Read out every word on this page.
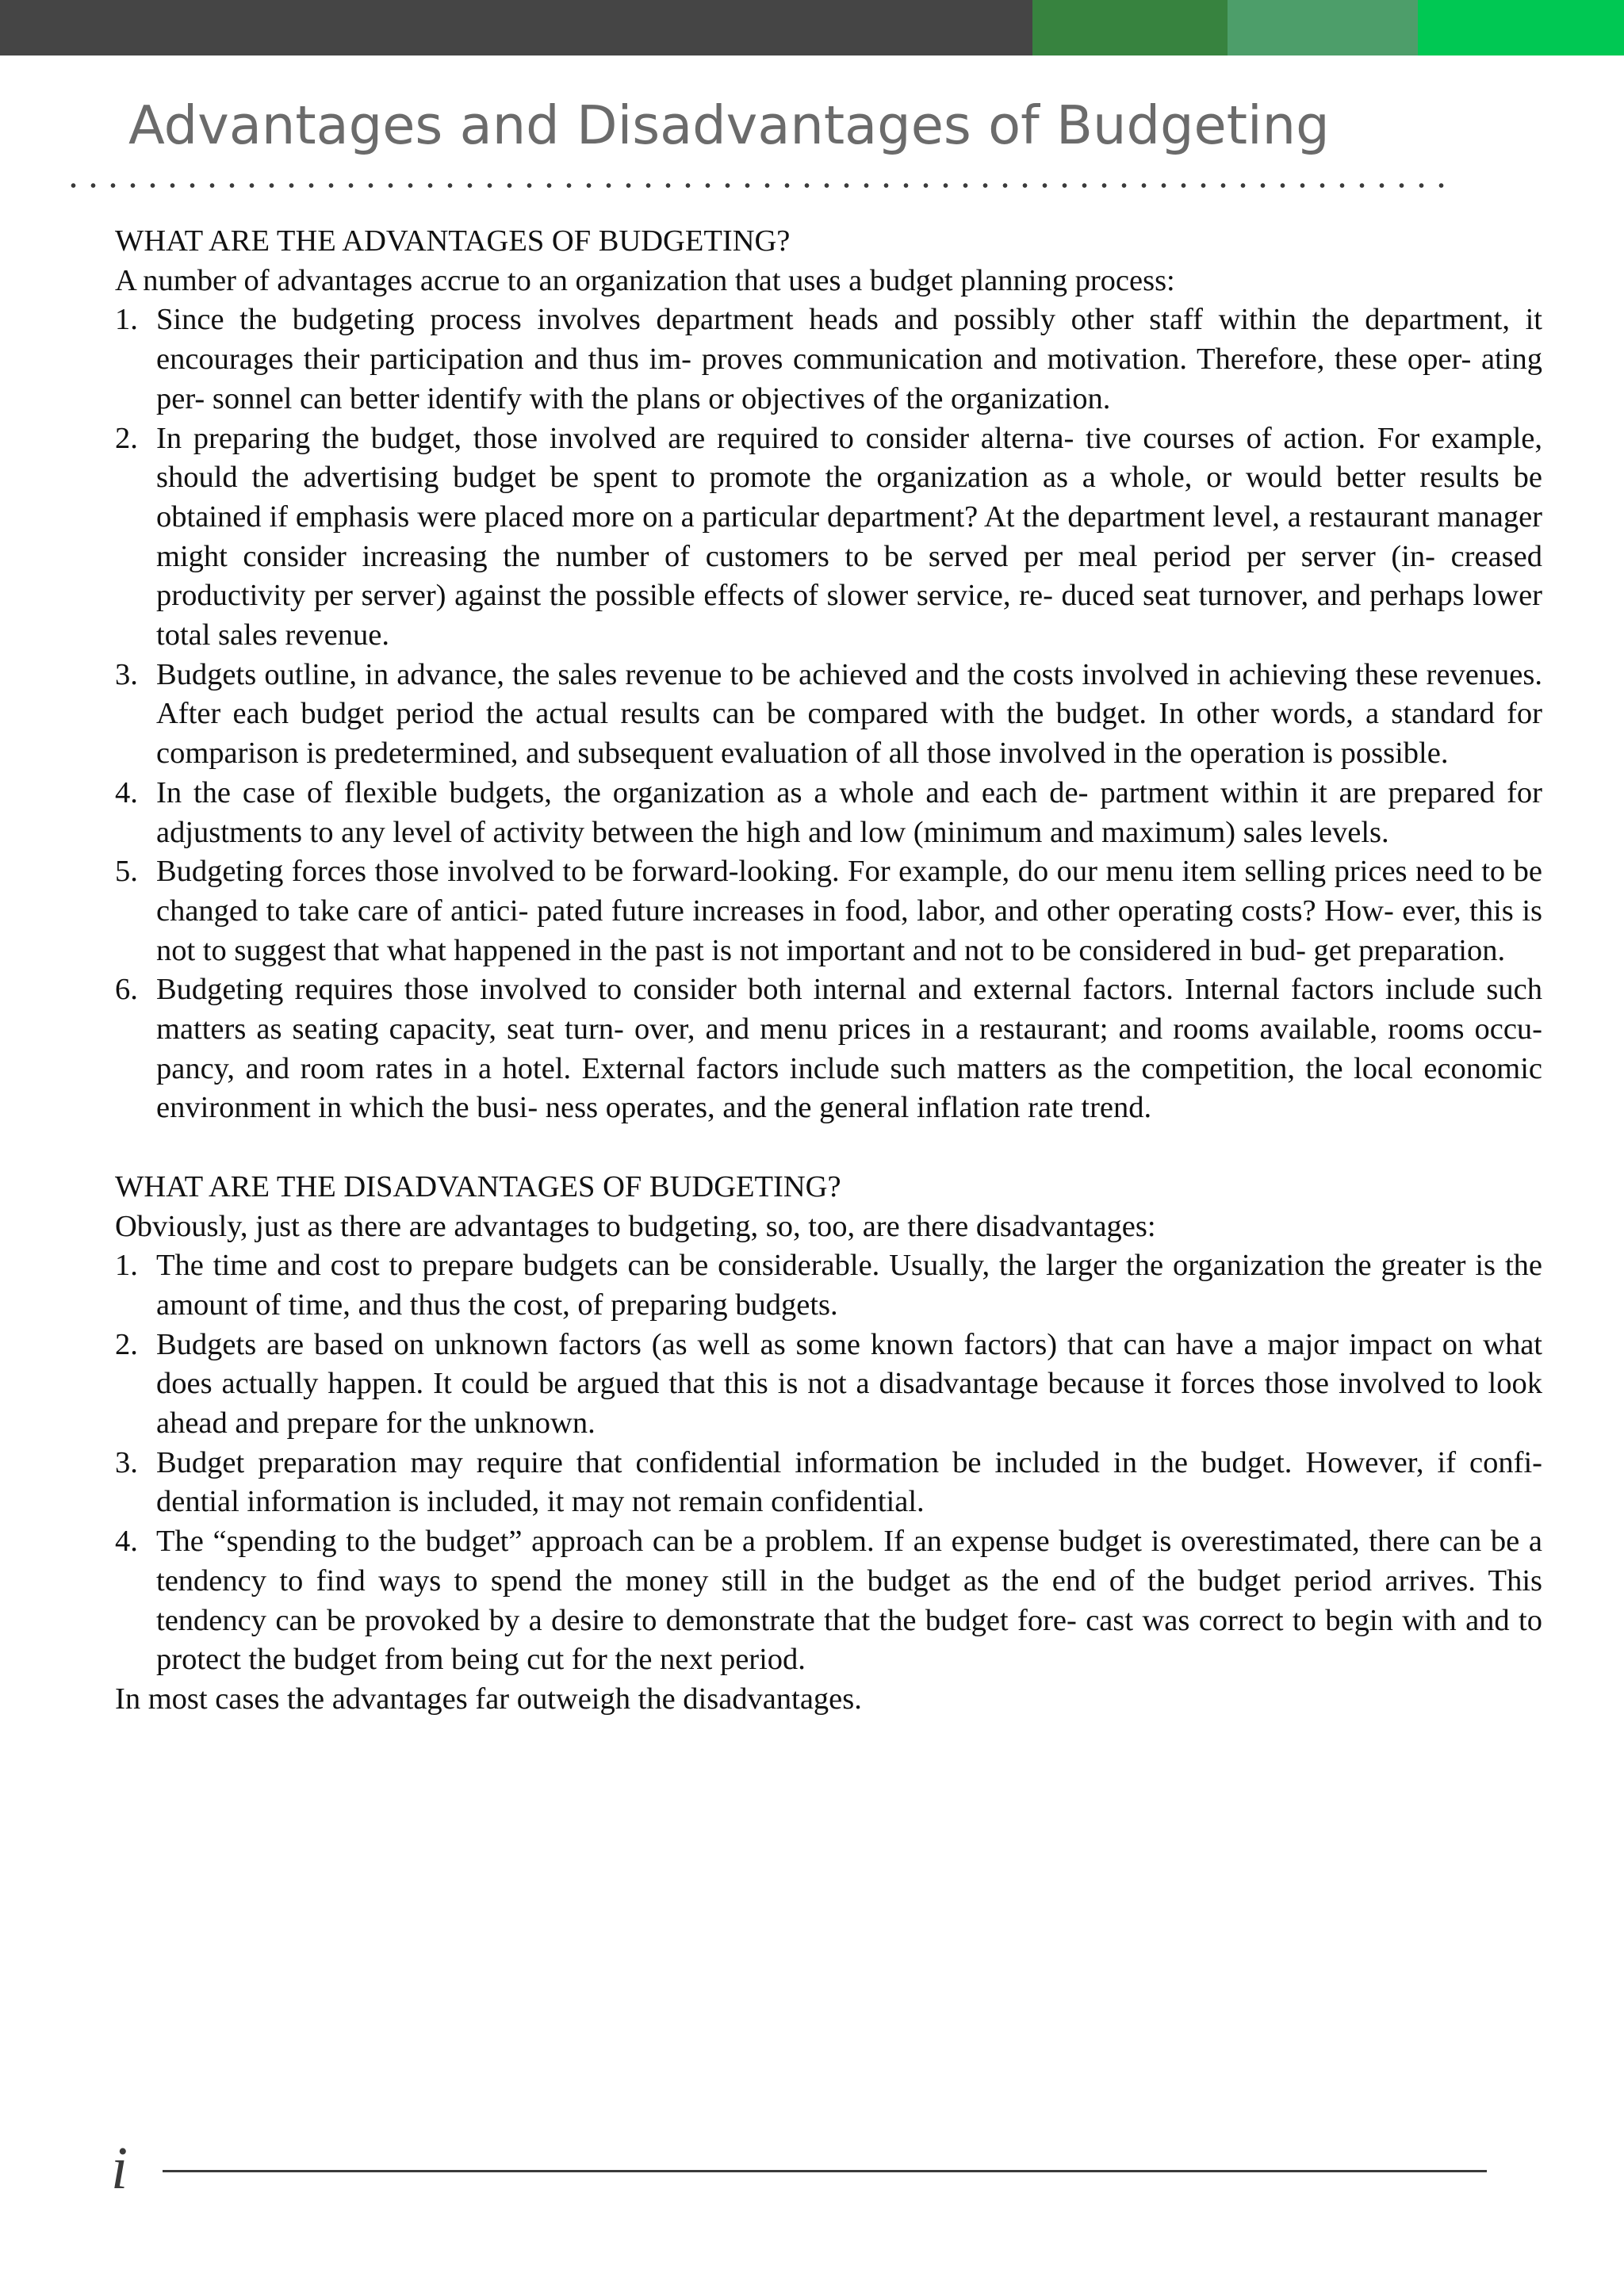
Advantages and Disadvantages of Budgeting

WHAT ARE THE ADVANTAGES OF BUDGETING?

A number of advantages accrue to an organization that uses a budget planning process:

1. Since the budgeting process involves department heads and possibly other staff within the department, it encourages their participation and thus im- proves communication and motivation. Therefore, these oper- ating per- sonnel can better identify with the plans or objectives of the organization.
2. In preparing the budget, those involved are required to consider alterna- tive courses of action. For example, should the advertising budget be spent to promote the organization as a whole, or would better results be obtained if emphasis were placed more on a particular department? At the department level, a restaurant manager might consider increasing the number of customers to be served per meal period per server (in- creased productivity per server) against the possible effects of slower service, re- duced seat turnover, and perhaps lower total sales revenue.
3. Budgets outline, in advance, the sales revenue to be achieved and the costs involved in achieving these revenues. After each budget period the actual results can be compared with the budget. In other words, a standard for comparison is predetermined, and subsequent evaluation of all those involved in the operation is possible.
4. In the case of flexible budgets, the organization as a whole and each de- partment within it are prepared for adjustments to any level of activity between the high and low (minimum and maximum) sales levels.
5. Budgeting forces those involved to be forward-looking. For example, do our menu item selling prices need to be changed to take care of antici- pated future increases in food, labor, and other operating costs? How- ever, this is not to suggest that what happened in the past is not important and not to be considered in bud- get preparation.
6. Budgeting requires those involved to consider both internal and external factors. Internal factors include such matters as seating capacity, seat turn- over, and menu prices in a restaurant; and rooms available, rooms occu- pancy, and room rates in a hotel. External factors include such matters as the competition, the local economic environment in which the busi- ness operates, and the general inflation rate trend.

WHAT ARE THE DISADVANTAGES OF BUDGETING?

Obviously, just as there are advantages to budgeting, so, too, are there disadvantages:

1. The time and cost to prepare budgets can be considerable. Usually, the larger the organization the greater is the amount of time, and thus the cost, of preparing budgets.
2. Budgets are based on unknown factors (as well as some known factors) that can have a major impact on what does actually happen. It could be argued that this is not a disadvantage because it forces those involved to look ahead and prepare for the unknown.
3. Budget preparation may require that confidential information be included in the budget. However, if confi- dential information is included, it may not remain confidential.
4. The “spending to the budget” approach can be a problem. If an expense budget is overestimated, there can be a tendency to find ways to spend the money still in the budget as the end of the budget period arrives. This tendency can be provoked by a desire to demonstrate that the budget fore- cast was correct to begin with and to protect the budget from being cut for the next period.

In most cases the advantages far outweigh the disadvantages.

i
